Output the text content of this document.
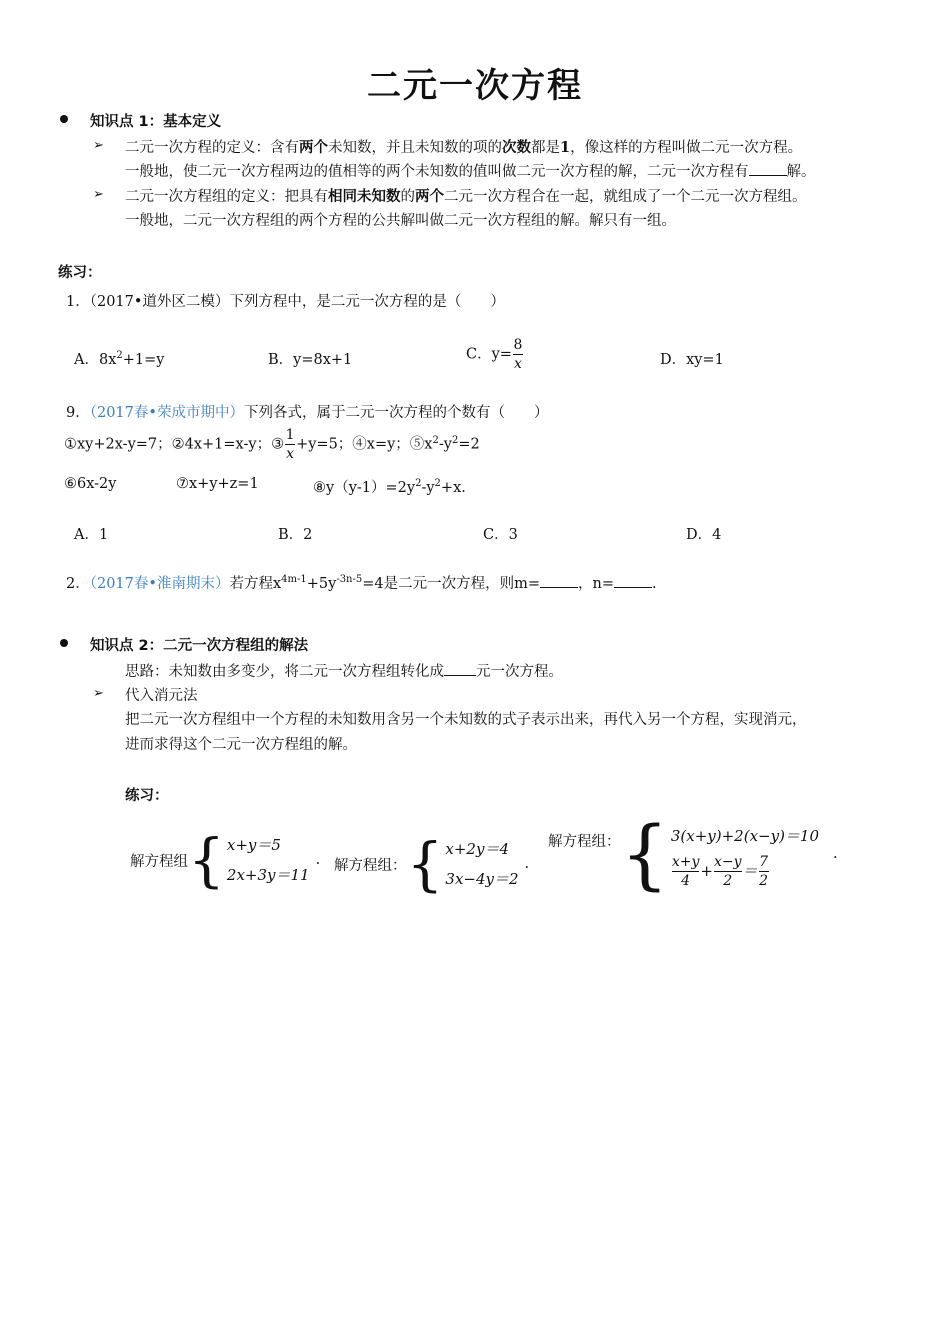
二元一次方程
知识点 1：基本定义
➢ 二元一次方程的定义：含有两个未知数，并且未知数的项的次数都是1，像这样的方程叫做二元一次方程。
一般地，使二元一次方程两边的值相等的两个未知数的值叫做二元一次方程的解，二元一次方程有	解。
➢ 二元一次方程组的定义：把具有相同未知数的两个二元一次方程合在一起，就组成了一个二元一次方程组。
一般地，二元一次方程组的两个方程的公共解叫做二元一次方程组的解。解只有一组。
练习：
1．（2017•道外区二模）下列方程中，是二元一次方程的是（　　）
A．$8x^2+1=y$	B．y=8x+1	C．$y= \frac{8}{x}$	D．xy=1
9．（2017春•荣成市期中）下列各式，属于二元一次方程的个数有（　　）
①xy+2x-y=7；②4x+1=x-y；③ $\frac{1}{x} +y=5$；④x=y；$⑤x^2-y^2=2$
⑥6x-2y	⑦x+y+z=1	$⑧y(y-1)=2y^2-y^2+x$.
A．1	B．2	C．3	D．4
2．（2017春•淮南期末）若方程$x^{4m-1}+5y^{-3n-5}=4$是二元一次方程，则m=	，n=	.
知识点 2：二元一次方程组的解法
思路：未知数由多变少，将二元一次方程组转化成 元一次方程。
➢ 代入消元法
把二元一次方程组中一个方程的未知数用含另一个未知数的式子表示出来，再代入另一个方程，实现消元，
进而求得这个二元一次方程组的解。
练习：
解方程组 { x+y＝5
2x+3y＝11
. 解方程组： { x+2y＝4
3x−4y＝2
.
解方程组： { 3(x+y)+2(x−y)＝10
$\frac{x+y}{4} + \frac{x-y}{2} = \frac{7}{2}$
.
